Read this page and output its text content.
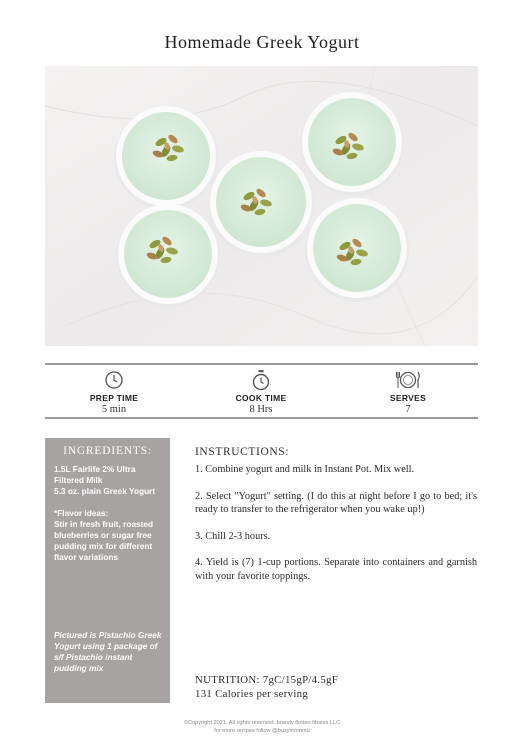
Homemade Greek Yogurt
PREP TIME
5 min
COOK TIME
8 Hrs
SERVES
7
INGREDIENTS:
1.5L Fairlife 2% Ultra Filtered Milk

5.3 oz. plain Greek Yogurt

*Flavor Ideas:
Stir in fresh fruit, roasted blueberries or sugar free pudding mix for different flavor variations

Pictured is Pistachio Greek Yogurt using 1 package of s/f Pistachio instant pudding mix
INSTRUCTIONS:

1. Combine yogurt and milk in Instant Pot. Mix well.

2. Select "Yogurt" setting. (I do this at night before I go to bed; it's ready to transfer to the refrigerator when you wake up!)

3. Chill 2-3 hours.

4. Yield is (7) 1-cup portions. Separate into containers and garnish with your favorite toppings.

NUTRITION: 7gC/15gP/4.5gF
131 Calories per serving
©Copyright 2021. All rights reserved. brandy flotten fitness LLC
for more recipes follow @busymommu
